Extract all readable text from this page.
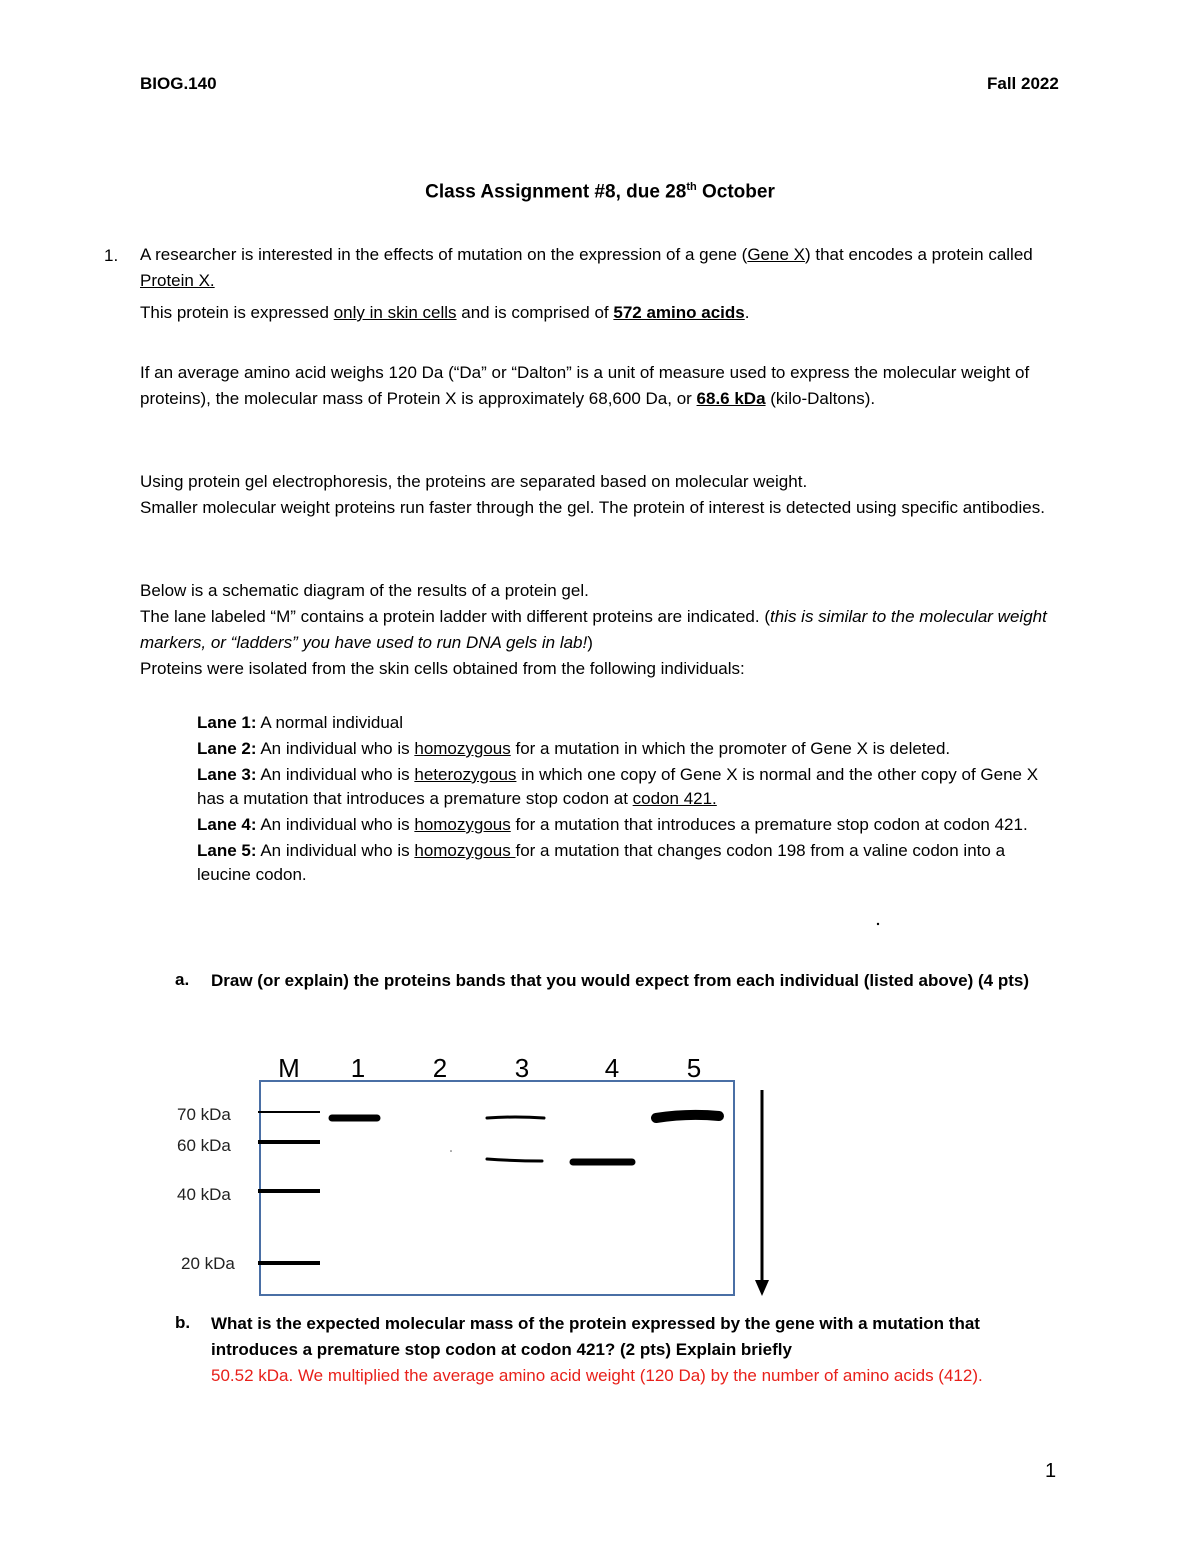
BIOG.140	Fall 2022
Class Assignment #8, due 28th October
1. A researcher is interested in the effects of mutation on the expression of a gene (Gene X) that encodes a protein called Protein X.
This protein is expressed only in skin cells and is comprised of 572 amino acids.
If an average amino acid weighs 120 Da (“Da” or “Dalton” is a unit of measure used to express the molecular weight of proteins), the molecular mass of Protein X is approximately 68,600 Da, or 68.6 kDa (kilo-Daltons).
Using protein gel electrophoresis, the proteins are separated based on molecular weight.
Smaller molecular weight proteins run faster through the gel. The protein of interest is detected using specific antibodies.
Below is a schematic diagram of the results of a protein gel.
The lane labeled “M” contains a protein ladder with different proteins are indicated. (this is similar to the molecular weight markers, or “ladders” you have used to run DNA gels in lab!)
Proteins were isolated from the skin cells obtained from the following individuals:
Lane 1: A normal individual
Lane 2: An individual who is homozygous for a mutation in which the promoter of Gene X is deleted.
Lane 3: An individual who is heterozygous in which one copy of Gene X is normal and the other copy of Gene X has a mutation that introduces a premature stop codon at codon 421.
Lane 4: An individual who is homozygous for a mutation that introduces a premature stop codon at codon 421.
Lane 5: An individual who is homozygous for a mutation that changes codon 198 from a valine codon into a leucine codon.
a. Draw (or explain) the proteins bands that you would expect from each individual (listed above) (4 pts)
M 1	2	3	4	5
70 kDa
60 kDa
40 kDa
20 kDa
b. What is the expected molecular mass of the protein expressed by the gene with a mutation that introduces a premature stop codon at codon 421? (2 pts) Explain briefly
50.52 kDa. We multiplied the average amino acid weight (120 Da) by the number of amino acids (412).
1
